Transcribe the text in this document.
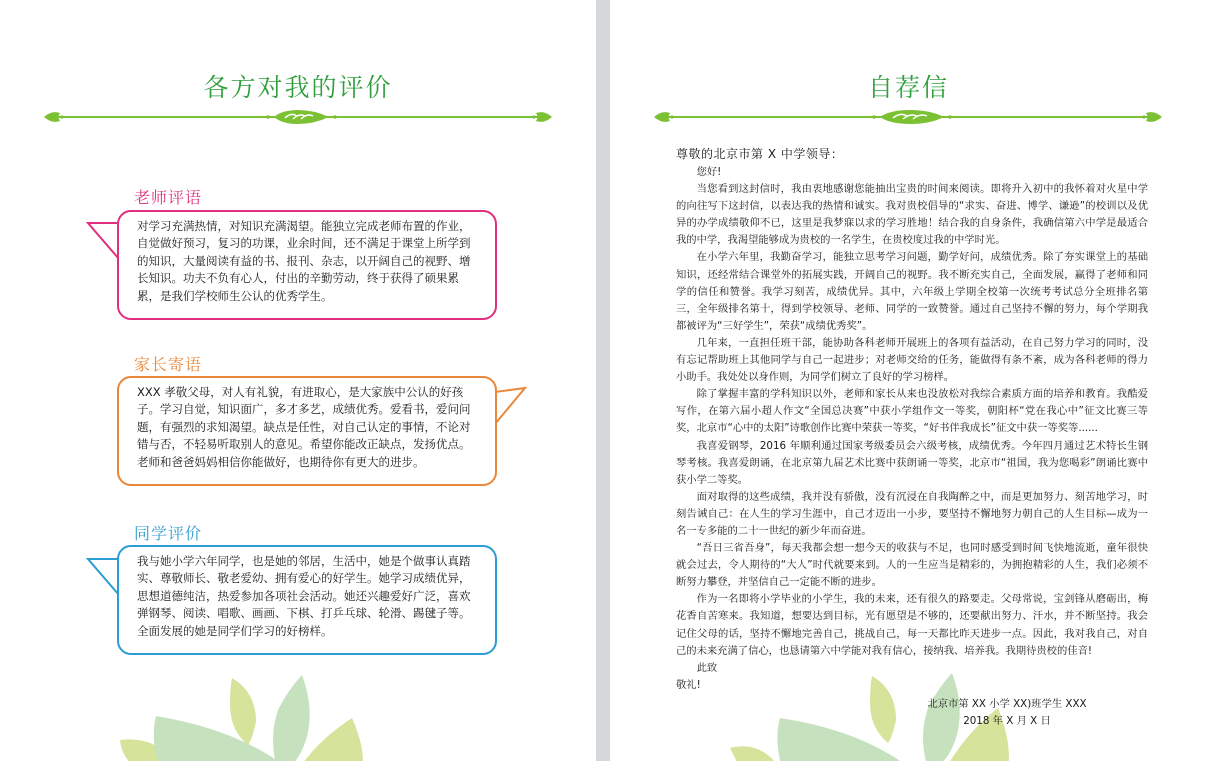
各方对我的评价
老师评语
对学习充满热情，对知识充满渴望。能独立完成老师布置的作业，自觉做好预习，复习的功课，业余时间，还不满足于课堂上所学到的知识，大量阅读有益的书、报刊、杂志，以开阔自己的视野、增长知识。功夫不负有心人，付出的辛勤劳动，终于获得了硕果累累，是我们学校师生公认的优秀学生。
家长寄语
XXX 孝敬父母，对人有礼貌，有进取心，是大家族中公认的好孩子。学习自觉，知识面广，多才多艺，成绩优秀。爱看书，爱问问题，有强烈的求知渴望。缺点是任性，对自己认定的事情，不论对错与否，不轻易听取别人的意见。希望你能改正缺点，发扬优点。老师和爸爸妈妈相信你能做好，也期待你有更大的进步。
同学评价
我与她小学六年同学，也是她的邻居，生活中，她是个做事认真踏实、尊敬师长、敬老爱幼、拥有爱心的好学生。她学习成绩优异，思想道德纯洁，热爱参加各项社会活动。她还兴趣爱好广泛，喜欢弹钢琴、阅读、唱歌、画画、下棋、打乒乓球、轮滑、踢毽子等。全面发展的她是同学们学习的好榜样。
自荐信
尊敬的北京市第 X 中学领导：

您好!

当您看到这封信时，我由衷地感谢您能抽出宝贵的时间来阅读。即将升入初中的我怀着对火星中学的向往写下这封信，以表达我的热情和诚实。我对贵校倡导的“求实、奋进、博学、谦逊”的校训以及优异的办学成绩敬仰不已，这里是我梦寐以求的学习胜地！结合我的自身条件，我确信第六中学是最适合我的中学，我渴望能够成为贵校的一名学生，在贵校度过我的中学时光。

在小学六年里，我勤奋学习，能独立思考学习问题，勤学好问，成绩优秀。除了夯实课堂上的基础知识，还经常结合课堂外的拓展实践，开阔自己的视野。我不断充实自己，全面发展，赢得了老师和同学的信任和赞誉。我学习刻苦，成绩优异。其中，六年级上学期全校第一次统考考试总分全班排名第三，全年级排名第十，得到学校领导、老师、同学的一致赞誉。通过自己坚持不懈的努力，每个学期我都被评为“三好学生”，荣获“成绩优秀奖”。

几年来，一直担任班干部，能协助各科老师开展班上的各项有益活动，在自己努力学习的同时，没有忘记帮助班上其他同学与自己一起进步；对老师交给的任务，能做得有条不紊，成为各科老师的得力小助手。我处处以身作则，为同学们树立了良好的学习榜样。

除了掌握丰富的学科知识以外，老师和家长从来也没放松对我综合素质方面的培养和教育。我酷爱写作，在第六届小超人作文“全国总决赛”中获小学组作文一等奖，朝阳杯“党在我心中”征文比赛三等奖，北京市“心中的太阳”诗歌创作比赛中荣获一等奖，“好书伴我成长”征文中获一等奖等......

我喜爱钢琴，2016 年顺利通过国家考级委员会六级考核，成绩优秀。今年四月通过艺术特长生钢琴考核。我喜爱朗诵，在北京第九届艺术比赛中获朗诵一等奖，北京市“祖国，我为您喝彩”朗诵比赛中获小学二等奖。

面对取得的这些成绩，我并没有骄傲，没有沉浸在自我陶醉之中，而是更加努力、刻苦地学习，时刻告诫自己：在人生的学习生涯中，自己才迈出一小步，要坚持不懈地努力朝自己的人生目标—成为一名一专多能的二十一世纪的新少年而奋进。

“吾日三省吾身”，每天我都会想一想今天的收获与不足，也同时感受到时间飞快地流逝，童年很快就会过去，令人期待的“大人”时代就要来到。人的一生应当是精彩的，为拥抱精彩的人生，我们必须不断努力攀登，并坚信自己一定能不断的进步。

作为一名即将小学毕业的小学生，我的未来，还有很久的路要走。父母常说，宝剑锋从磨砺出，梅花香自苦寒来。我知道，想要达到目标，光有愿望是不够的，还要献出努力、汗水，并不断坚持。我会记住父母的话，坚持不懈地完善自己，挑战自己，每一天都比昨天进步一点。因此，我对我自己，对自己的未来充满了信心，也恳请第六中学能对我有信心，接纳我、培养我。我期待贵校的佳音!

此致

敬礼!

北京市第 XX 小学 XX)班学生 XXX

2018 年 X 月 X 日
